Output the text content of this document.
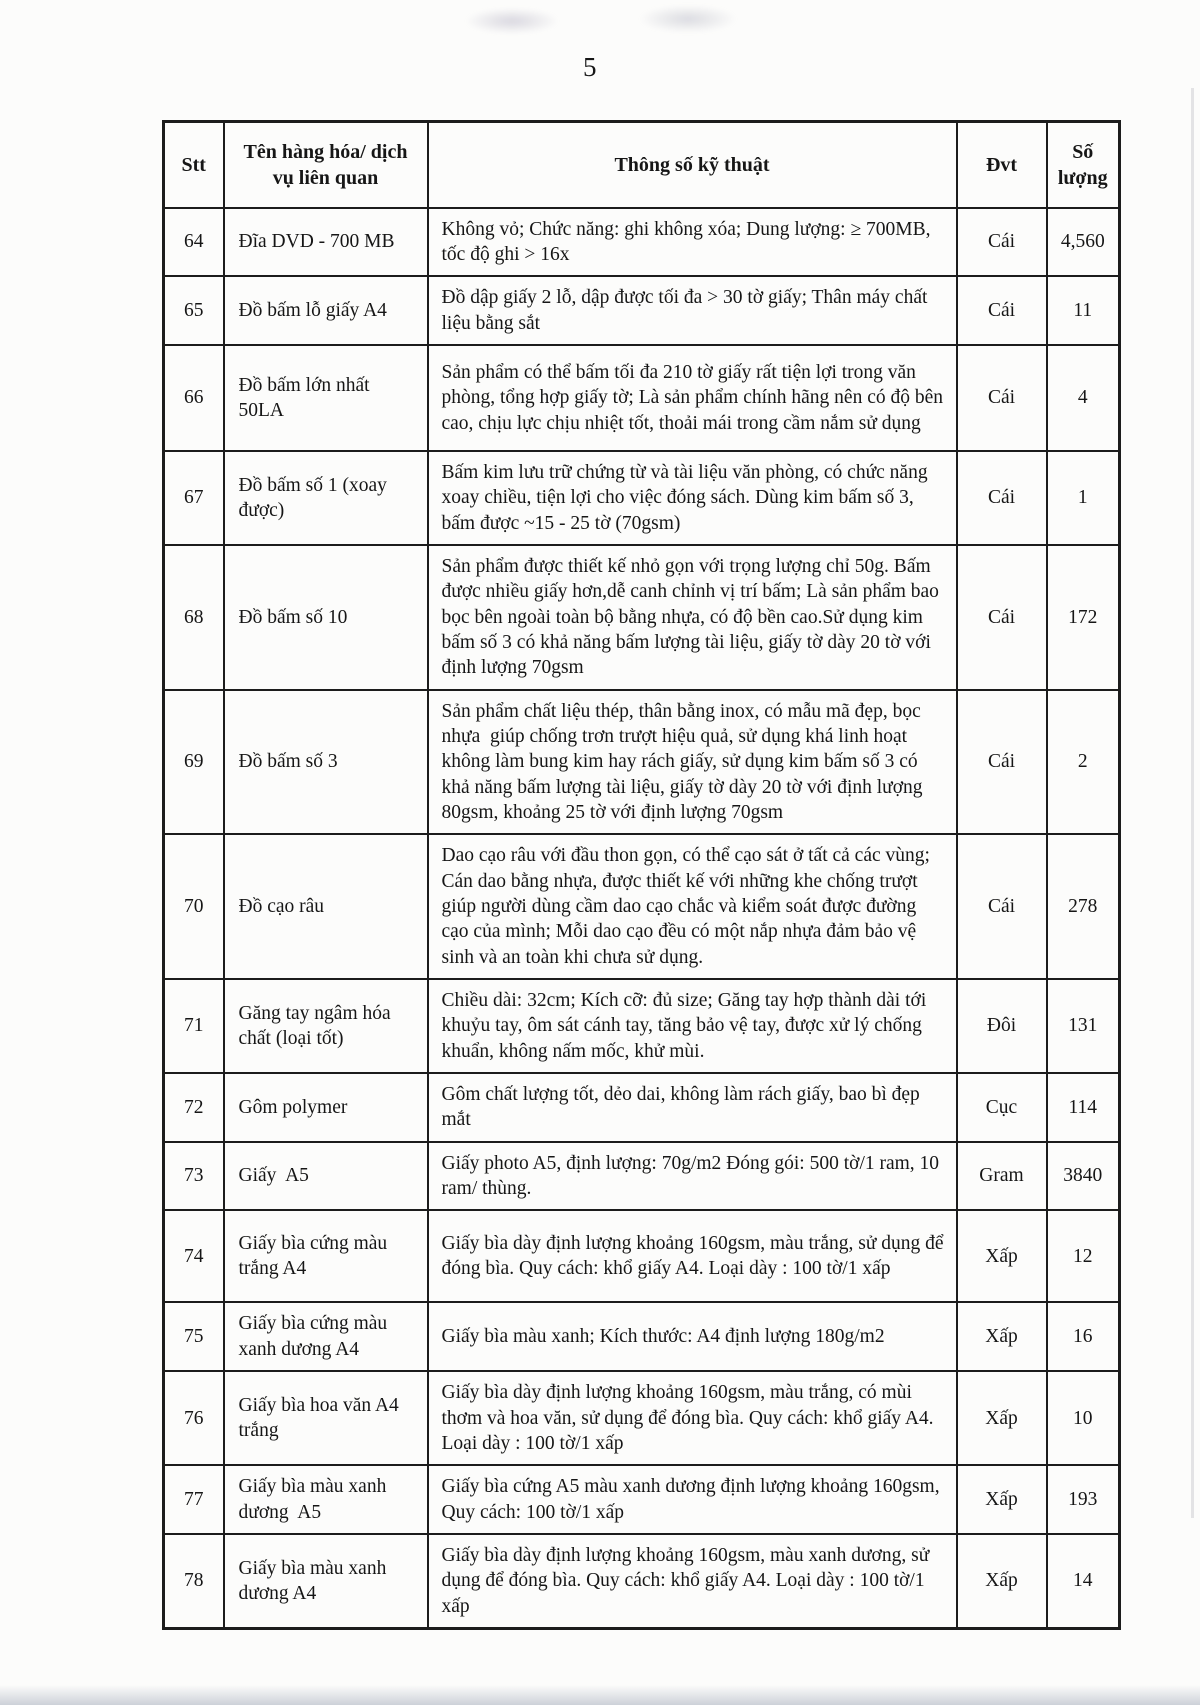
5
Stt	Tên hàng hóa/ dịch vụ liên quan	Thông số kỹ thuật	Đvt	Số lượng
64	Đĩa DVD - 700 MB	Không vỏ; Chức năng: ghi không xóa; Dung lượng: ≥ 700MB, tốc độ ghi > 16x	Cái	4,560
65	Đồ bấm lỗ giấy A4	Đồ dập giấy 2 lỗ, dập được tối đa > 30 tờ giấy; Thân máy chất liệu bằng sắt	Cái	11
66	Đồ bấm lớn nhất 50LA	Sản phẩm có thể bấm tối đa 210 tờ giấy rất tiện lợi trong văn phòng, tổng hợp giấy tờ; Là sản phẩm chính hãng nên có độ bên cao, chịu lực chịu nhiệt tốt, thoải mái trong cầm nắm sử dụng	Cái	4
67	Đồ bấm số 1 (xoay được)	Bấm kim lưu trữ chứng từ và tài liệu văn phòng, có chức năng xoay chiều, tiện lợi cho việc đóng sách. Dùng kim bấm số 3, bấm được ~15 - 25 tờ (70gsm)	Cái	1
68	Đồ bấm số 10	Sản phẩm được thiết kế nhỏ gọn với trọng lượng chỉ 50g. Bấm được nhiều giấy hơn,dễ canh chỉnh vị trí bấm; Là sản phẩm bao bọc bên ngoài toàn bộ bằng nhựa, có độ bền cao.Sử dụng kim bấm số 3 có khả năng bấm lượng tài liệu, giấy tờ dày 20 tờ với định lượng 70gsm	Cái	172
69	Đồ bấm số 3	Sản phẩm chất liệu thép, thân bằng inox, có mẫu mã đẹp, bọc nhựa  giúp chống trơn trượt hiệu quả, sử dụng khá linh hoạt không làm bung kim hay rách giấy, sử dụng kim bấm số 3 có khả năng bấm lượng tài liệu, giấy tờ dày 20 tờ với định lượng 80gsm, khoảng 25 tờ với định lượng 70gsm	Cái	2
70	Đồ cạo râu	Dao cạo râu với đầu thon gọn, có thể cạo sát ở tất cả các vùng; Cán dao bằng nhựa, được thiết kế với những khe chống trượt giúp người dùng cầm dao cạo chắc và kiểm soát được đường cạo của mình; Mỗi dao cạo đều có một nắp nhựa đảm bảo vệ sinh và an toàn khi chưa sử dụng.	Cái	278
71	Găng tay ngâm hóa chất (loại tốt)	Chiều dài: 32cm; Kích cỡ: đủ size; Găng tay hợp thành dài tới khuỷu tay, ôm sát cánh tay, tăng bảo vệ tay, được xử lý chống khuẩn, không nấm mốc, khử mùi.	Đôi	131
72	Gôm polymer	Gôm chất lượng tốt, dẻo dai, không làm rách giấy, bao bì đẹp mắt	Cục	114
73	Giấy  A5	Giấy photo A5, định lượng: 70g/m2 Đóng gói: 500 tờ/1 ram, 10 ram/ thùng.	Gram	3840
74	Giấy bìa cứng màu trắng A4	Giấy bìa dày định lượng khoảng 160gsm, màu trắng, sử dụng để đóng bìa. Quy cách: khổ giấy A4. Loại dày : 100 tờ/1 xấp	Xấp	12
75	Giấy bìa cứng màu xanh dương A4	Giấy bìa màu xanh; Kích thước: A4 định lượng 180g/m2	Xấp	16
76	Giấy bìa hoa văn A4 trắng	Giấy bìa dày định lượng khoảng 160gsm, màu trắng, có mùi thơm và hoa văn, sử dụng để đóng bìa. Quy cách: khổ giấy A4. Loại dày : 100 tờ/1 xấp	Xấp	10
77	Giấy bìa màu xanh dương  A5	Giấy bìa cứng A5 màu xanh dương định lượng khoảng 160gsm, Quy cách: 100 tờ/1 xấp	Xấp	193
78	Giấy bìa màu xanh dương A4	Giấy bìa dày định lượng khoảng 160gsm, màu xanh dương, sử dụng để đóng bìa. Quy cách: khổ giấy A4. Loại dày : 100 tờ/1 xấp	Xấp	14
